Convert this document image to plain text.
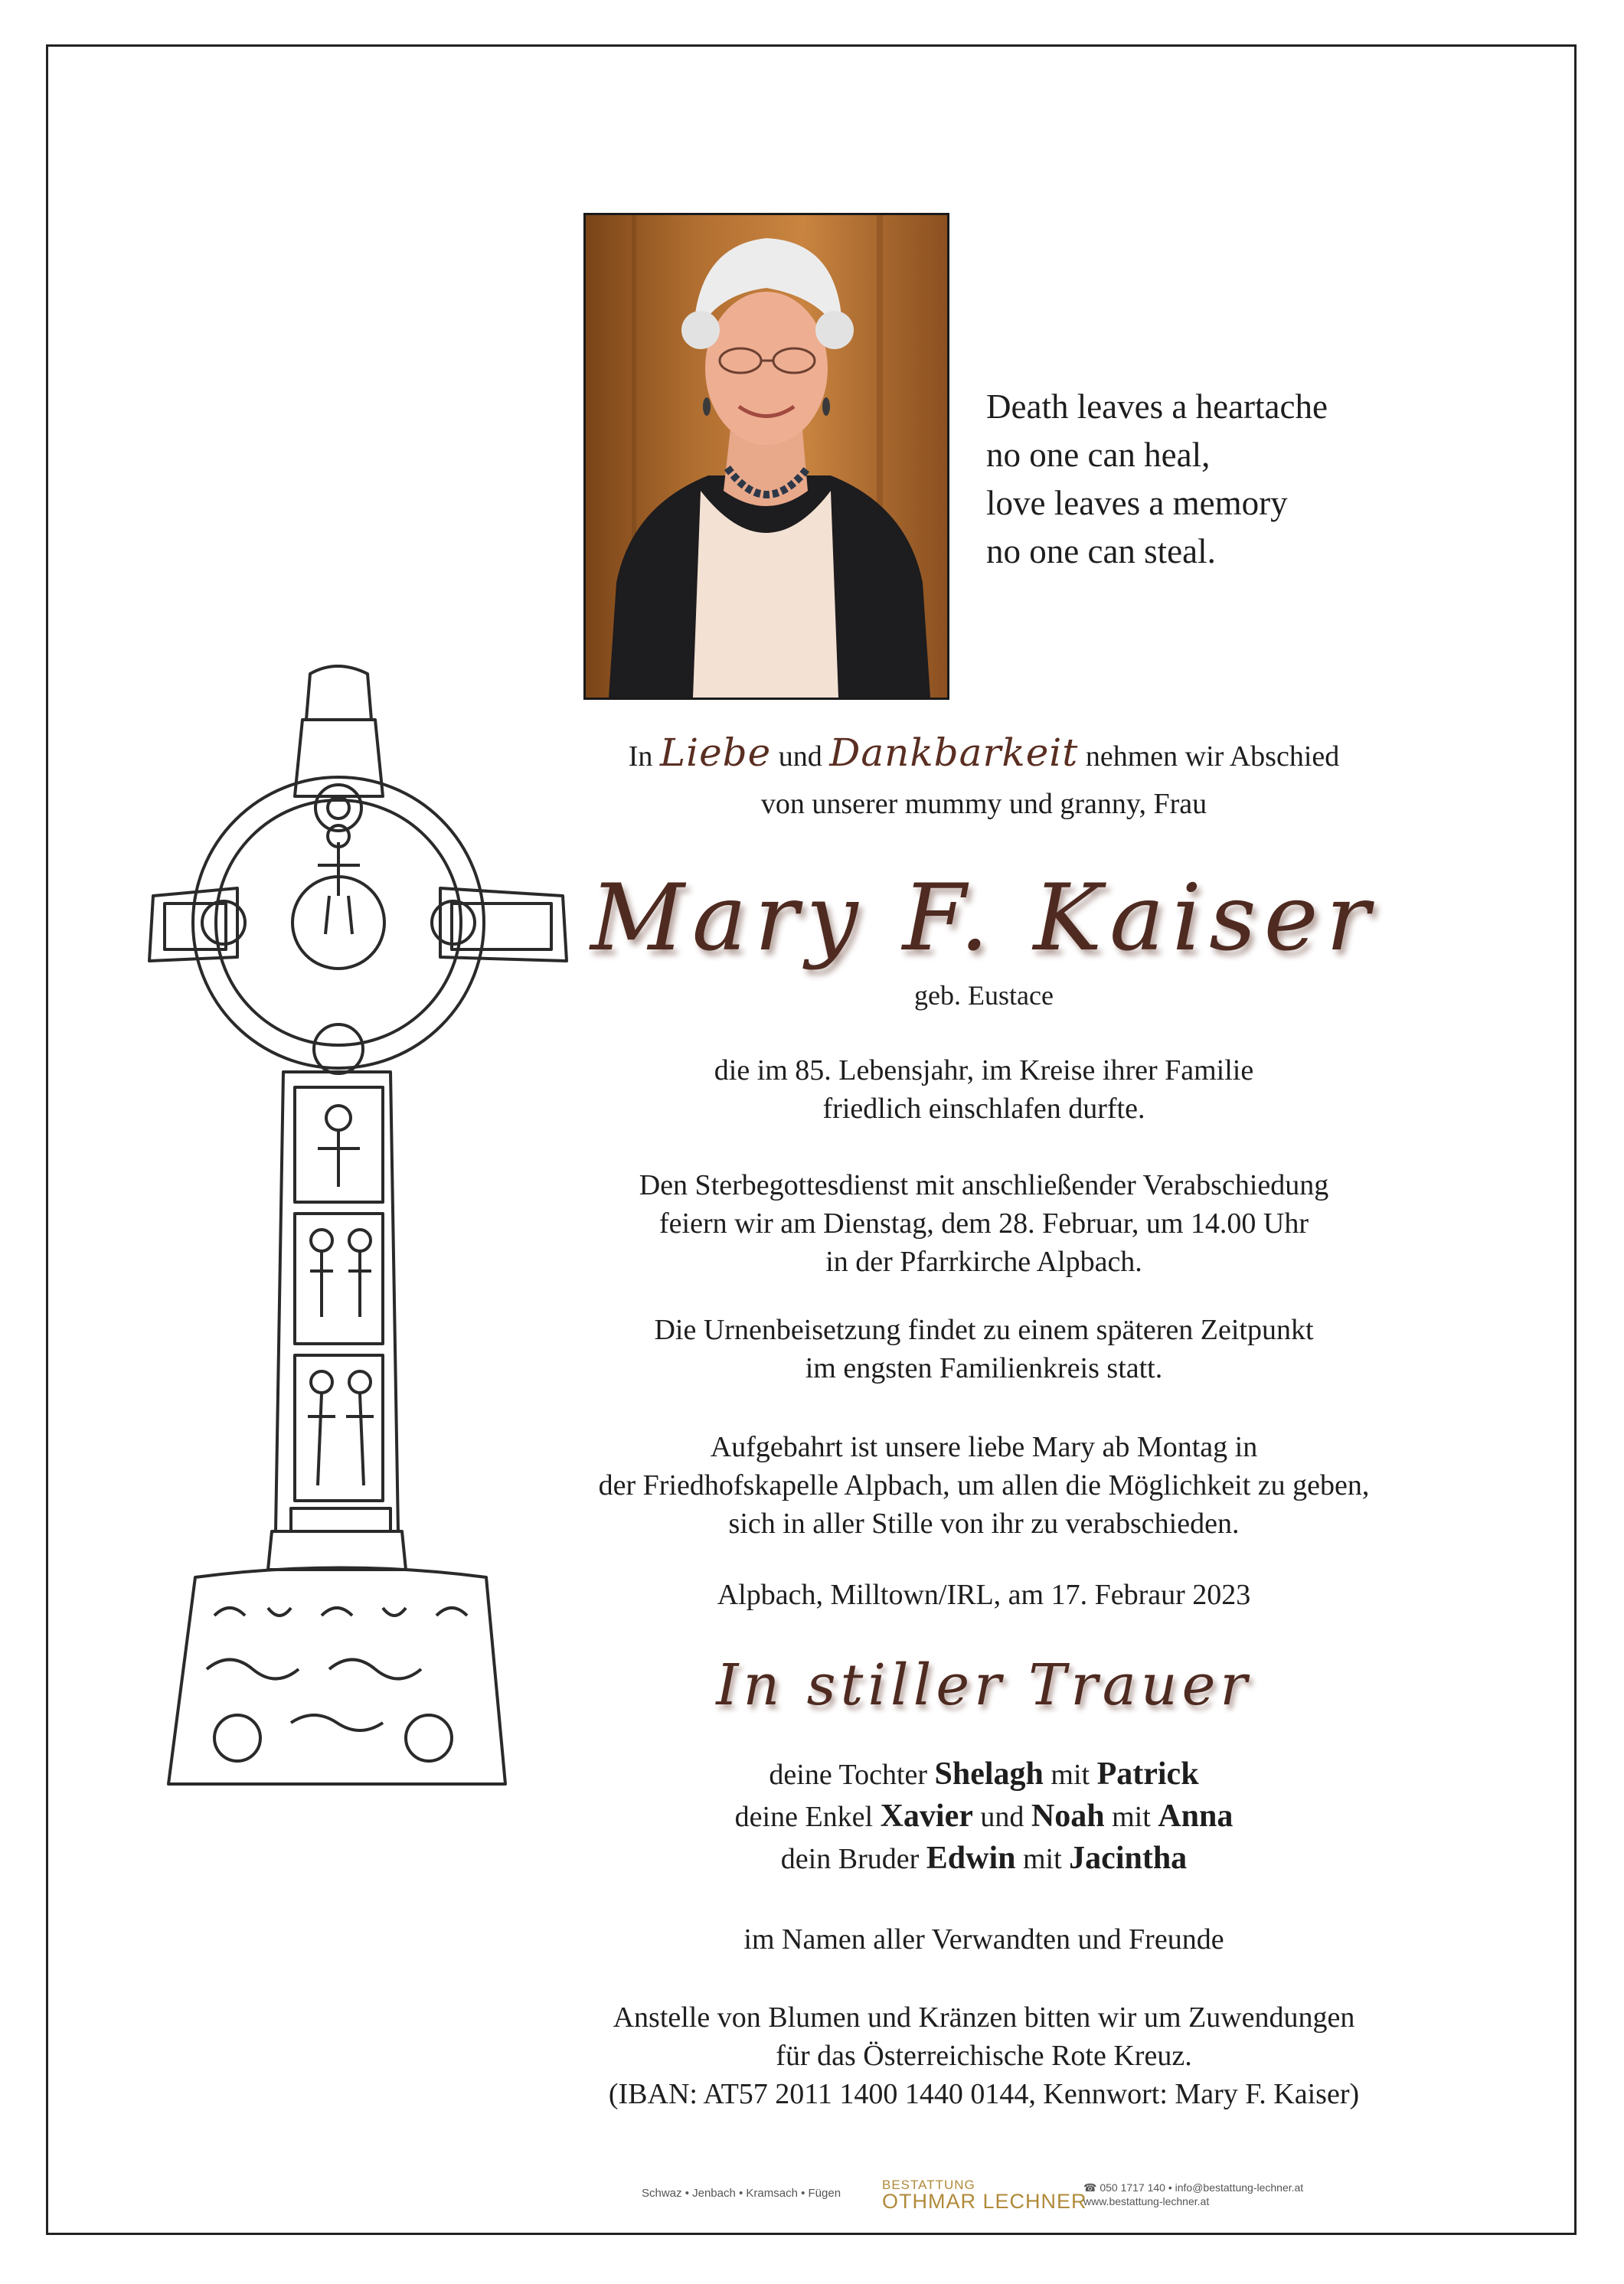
Death leaves a heartache
no one can heal,
love leaves a memory
no one can steal.
In Liebe und Dankbarkeit nehmen wir Abschied
von unserer mummy und granny, Frau
Mary F. Kaiser
geb. Eustace
die im 85. Lebensjahr, im Kreise ihrer Familie
friedlich einschlafen durfte.
Den Sterbegottesdienst mit anschließender Verabschiedung
feiern wir am Dienstag, dem 28. Februar, um 14.00 Uhr
in der Pfarrkirche Alpbach.
Die Urnenbeisetzung findet zu einem späteren Zeitpunkt
im engsten Familienkreis statt.
Aufgebahrt ist unsere liebe Mary ab Montag in
der Friedhofskapelle Alpbach, um allen die Möglichkeit zu geben,
sich in aller Stille von ihr zu verabschieden.
Alpbach, Milltown/IRL, am 17. Febraur 2023
In stiller Trauer
deine Tochter Shelagh mit Patrick
deine Enkel Xavier und Noah mit Anna
dein Bruder Edwin mit Jacintha
im Namen aller Verwandten und Freunde
Anstelle von Blumen und Kränzen bitten wir um Zuwendungen
für das Österreichische Rote Kreuz.
(IBAN: AT57 2011 1400 1440 0144, Kennwort: Mary F. Kaiser)
Schwaz • Jenbach • Kramsach • Fügen
BESTATTUNG
OTHMAR LECHNER
☎ 050 1717 140 • info@bestattung-lechner.at
www.bestattung-lechner.at
